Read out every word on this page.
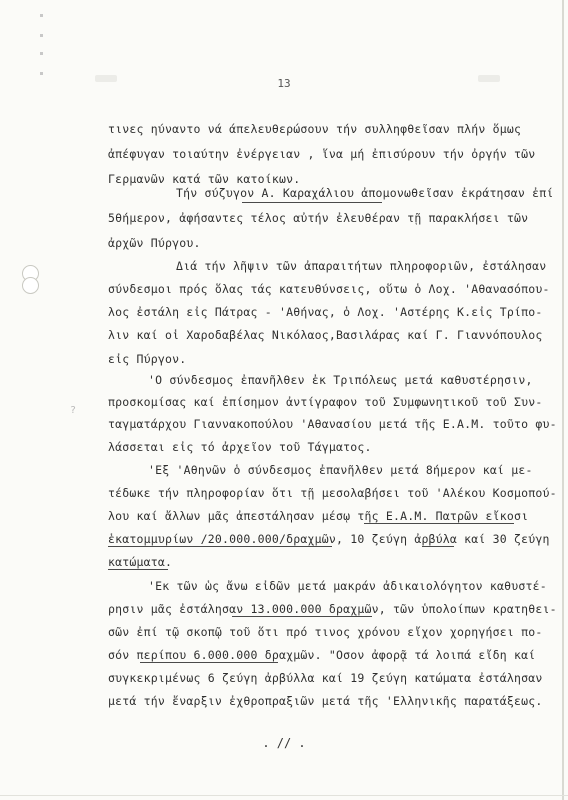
?
13
τινες ηύναντο νά άπελευθερώσουν τήν συλληφθεῖσαν πλήν ὅμως
ἀπέφυγαν τοιαύτην ἐνέργειαν , ἵνα μή ἐπισύρουν τήν ὀργήν τῶν
Γερμανῶν κατά τῶν κατοίκων.
Τήν σύζυγον Α. Καραχάλιου ἀπομονωθεῖσαν ἐκράτησαν ἐπί
5θήμερον, ἀφήσαντες τέλος αὐτήν ἐλευθέραν τῇ παρακλήσει τῶν
ἀρχῶν Πύργου.
Διά τήν λῆψιν τῶν ἀπαραιτήτων πληροφοριῶν, ἐστάλησαν
σύνδεσμοι πρός ὅλας τάς κατευθύνσεις, οὕτω ὁ Λοχ. 'Αθανασόπου-
λος ἐστάλη εἰς Πάτρας - 'Αθήνας, ὁ Λοχ. 'Αστέρης Κ.εἰς Τρίπο-
λιν καί οἱ Χαροδαβέλας Νικόλαος,Βασιλάρας καί Γ. Γιαννόπουλος
εἰς Πύργον.
'Ο σύνδεσμος ἐπανῆλθεν ἐκ Τριπόλεως μετά καθυστέρησιν,
προσκομίσας καί ἐπίσημον ἀντίγραφον τοῦ Συμφωνητικοῦ τοῦ Συν-
ταγματάρχου Γιαννακοπούλου 'Αθανασίου μετά τῆς Ε.Α.Μ. τοῦτο φυ-
λάσσεται εἰς τό ἀρχεῖον τοῦ Τάγματος.
'Εξ 'Αθηνῶν ὁ σύνδεσμος ἐπανῆλθεν μετά 8ήμερον καί με-
τέδωκε τήν πληροφορίαν ὅτι τῇ μεσολαβήσει τοῦ 'Αλέκου Κοσμοπού-
λου καί ἄλλων μᾶς ἀπεστάλησαν μέσῳ τῆς Ε.Α.Μ. Πατρῶν εἴκοσι
ἑκατομμυρίων /20.000.000/δραχμῶν, 10 ζεύγη ἀρβύλα καί 30 ζεύγη
κατώματα.
'Εκ τῶν ὡς ἄνω εἰδῶν μετά μακράν ἀδικαιολόγητον καθυστέ-
ρησιν μᾶς ἐστάλησαν 13.000.000 δραχμῶν, τῶν ὑπολοίπων κρατηθει-
σῶν ἐπί τῷ σκοπῷ τοῦ ὅτι πρό τινος χρόνου εἴχον χορηγήσει πο-
σόν περίπου 6.000.000 δραχμῶν. "Οσον ἀφορᾷ τά λοιπά εἴδη καί
συγκεκριμένως 6 ζεύγη ἀρβύλλα καί 19 ζεύγη κατώματα ἐστάλησαν
μετά τήν ἔναρξιν ἐχθροπραξιῶν μετά τῆς 'Ελληνικῆς παρατάξεως.
. // .
